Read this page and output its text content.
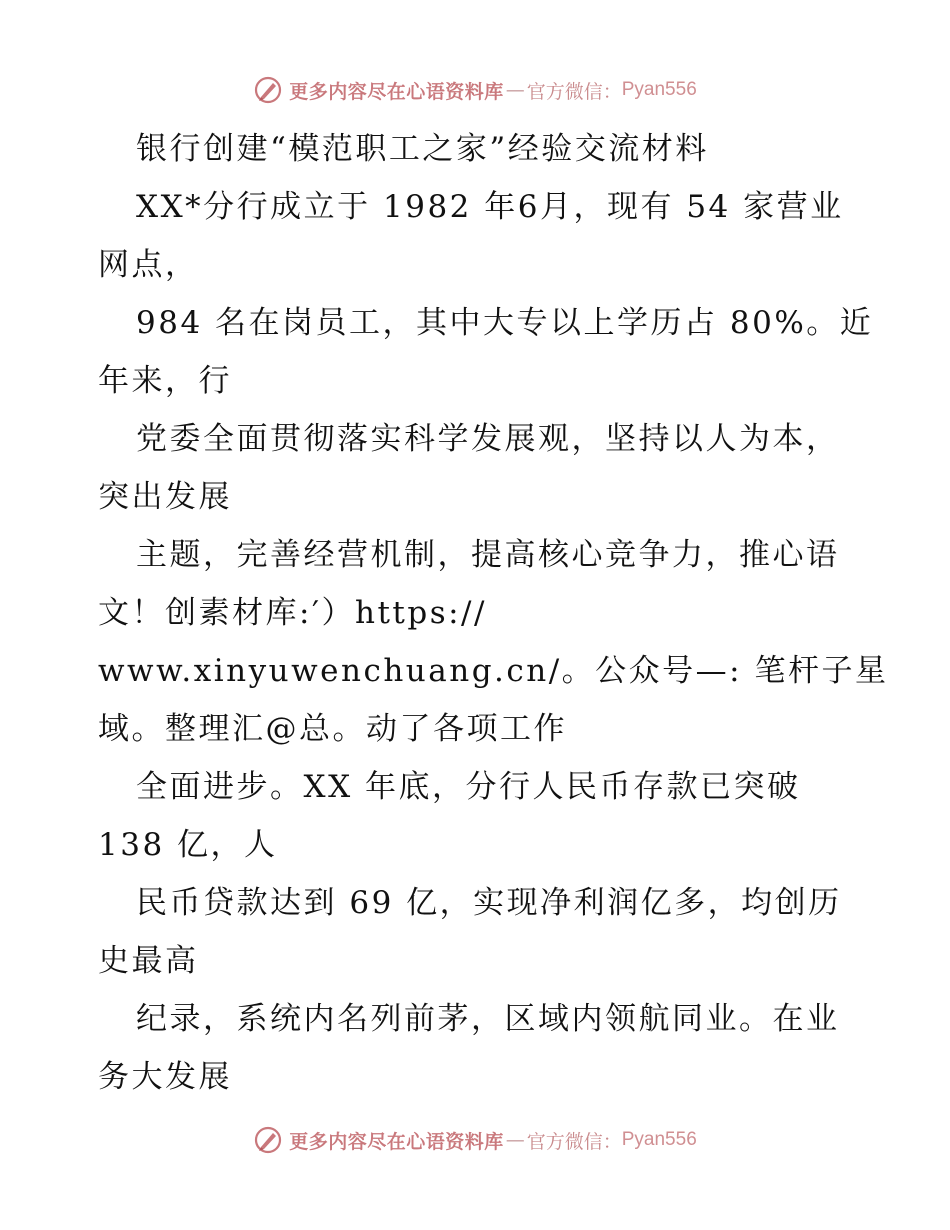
更多内容尽在心语资料库 — 官方微信： Pyan556
银行创建“模范职工之家”经验交流材料
XX*分行成立于 1982 年6月，现有 54 家营业
网点，
984 名在岗员工，其中大专以上学历占 80%。近
年来，行
党委全面贯彻落实科学发展观，坚持以人为本，
突出发展
主题，完善经营机制，提高核心竞争力，推心语
文！创素材库:′）https://
www.xinyuwenchuang.cn/。公众号—: 笔杆子星
域。整理汇@总。动了各项工作
全面进步。XX 年底，分行人民币存款已突破
138 亿，人
民币贷款达到 69 亿，实现净利润亿多，均创历
史最高
纪录，系统内名列前茅，区域内领航同业。在业
务大发展
更多内容尽在心语资料库 — 官方微信： Pyan556
